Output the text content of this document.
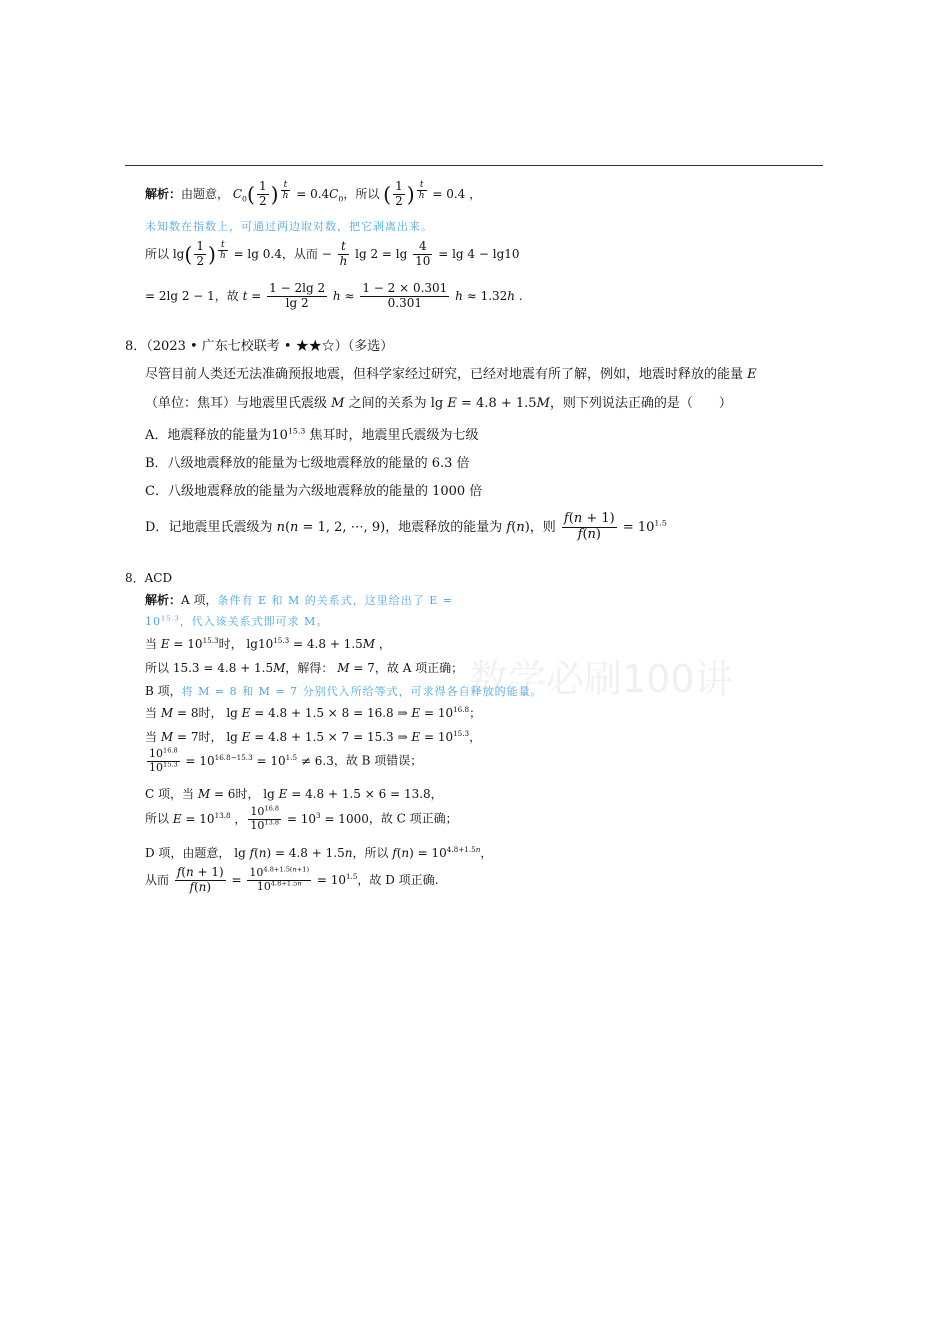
数学必刷100讲
解析：由题意， $C_0( \frac{1}{2}$ ) $^{\frac{t}{h}} = 0.4C_0$，所以 ( $\frac{1}{2}$ ) $^{\frac{t}{h}}$ = 0.4 ，
未知数在指数上，可通过两边取对数，把它剥离出来。
所以 $\lg( \frac{1}{2}$ ) $^{\frac{t}{h}}$ = lg 0.4，从而 − $\frac{t}{h}$ $\lg 2 = \lg \frac{4}{10} = \lg 4 - \lg 10$
= 2lg 2 − 1，故 $t = \frac{1 - 2\lg 2}{\lg 2}$ $h \approx \frac{1 - 2 \times 0.301}{0.301}$ h ≈ 1.32h .
8．（2023 • 广东七校联考 • ★★☆）（多选）
尽管目前人类还无法准确预报地震，但科学家经过研究，已经对地震有所了解，例如，地震时释放的能量 E
（单位：焦耳）与地震里氏震级 M 之间的关系为 lg E = 4.8 + 1.5M，则下列说法正确的是（　　）
A．地震释放的能量为$10^{15.3}$ 焦耳时，地震里氏震级为七级
B．八级地震释放的能量为七级地震释放的能量的 6.3 倍
C．八级地震释放的能量为六级地震释放的能量的 1000 倍
D．记地震里氏震级为 n(n = 1, 2, ⋯, 9)，地震释放的能量为 f(n)，则 $\frac{f(n + 1)}{f(n)} = 10^{1.5}$
8．ACD
解析：A 项，条件有 E 和 M 的关系式，这里给出了 E =
$10^{15.3}$，代入该关系式即可求 M。
当 $E = 10^{15.3}$时， $\lg 10^{15.3} = 4.8 + 1.5M$ ，
所以 15.3 = 4.8 + 1.5M，解得： M = 7，故 A 项正确；
B 项，将 M = 8 和 M = 7 分别代入所给等式，可求得各自释放的能量。
当 M = 8时， lg E = 4.8 + 1.5 × 8 = 16.8 ⇒ $E = 10^{16.8}$；
当 M = 7时， lg E = 4.8 + 1.5 × 7 = 15.3 ⇒ $E = 10^{15.3}$，
$\frac{10^{16.8}}{10^{15.3}} = 10^{16.8-15.3} = 10^{1.5} \ne 6.3$，故 B 项错误；
C 项，当 M = 6时， lg E = 4.8 + 1.5 × 6 = 13.8，
所以 $E = 10^{13.8}$ ， $\frac{10^{16.8}}{10^{13.8}} = 10^3 = 1000$，故 C 项正确；
D 项，由题意， lg f(n) = 4.8 + 1.5n，所以 $f(n) = 10^{4.8+1.5n}$，
从而 $\frac{f(n + 1)}{f(n)} = \frac{10^{4.8+1.5(n+1)}}{10^{4.8+1.5n}} = 10^{1.5}$，故 D 项正确.
